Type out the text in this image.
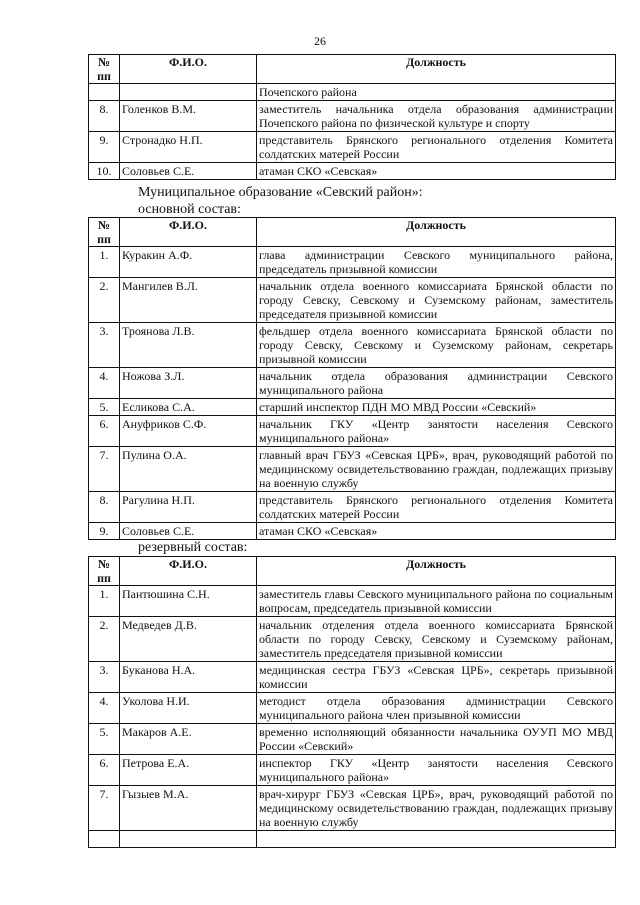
26
№ пп	Ф.И.О.	Должность
		Почепского района
8.	Голенков В.М.	заместитель начальника отдела образования администрации Почепского района по физической культуре и спорту
9.	Стронадко Н.П.	представитель Брянского регионального отделения Комитета солдатских матерей России
10.	Соловьев С.Е.	атаман СКО «Севская»
Муниципальное образование «Севский район»:
основной состав:
№ пп	Ф.И.О.	Должность
1.	Куракин А.Ф.	глава администрации Севского муниципального района, председатель призывной комиссии
2.	Мангилев В.Л.	начальник отдела военного комиссариата Брянской области по городу Севску, Севскому и Суземскому районам, заместитель председателя призывной комиссии
3.	Троянова Л.В.	фельдшер отдела военного комиссариата Брянской области по городу Севску, Севскому и Суземскому районам, секретарь призывной комиссии
4.	Ножова З.Л.	начальник отдела образования администрации Севского муниципального района
5.	Есликова С.А.	старший инспектор ПДН МО МВД России «Севский»
6.	Ануфриков С.Ф.	начальник ГКУ «Центр занятости населения Севского муниципального района»
7.	Пулина О.А.	главный врач ГБУЗ «Севская ЦРБ», врач, руководящий работой по медицинскому освидетельствованию граждан, подлежащих призыву на военную службу
8.	Рагулина Н.П.	представитель Брянского регионального отделения Комитета солдатских матерей России
9.	Соловьев С.Е.	атаман СКО «Севская»
резервный состав:
№ пп	Ф.И.О.	Должность
1.	Пантюшина С.Н.	заместитель главы Севского муниципального района по социальным вопросам, председатель призывной комиссии
2.	Медведев Д.В.	начальник отделения отдела военного комиссариата Брянской области по городу Севску, Севскому и Суземскому районам, заместитель председателя призывной комиссии
3.	Буканова Н.А.	медицинская сестра ГБУЗ «Севская ЦРБ», секретарь призывной комиссии
4.	Уколова Н.И.	методист отдела образования администрации Севского муниципального района член призывной комиссии
5.	Макаров А.Е.	временно исполняющий обязанности начальника ОУУП МО МВД России «Севский»
6.	Петрова Е.А.	инспектор ГКУ «Центр занятости населения Севского муниципального района»
7.	Гызыев М.А.	врач-хирург ГБУЗ «Севская ЦРБ», врач, руководящий работой по медицинскому освидетельствованию граждан, подлежащих призыву на военную службу
